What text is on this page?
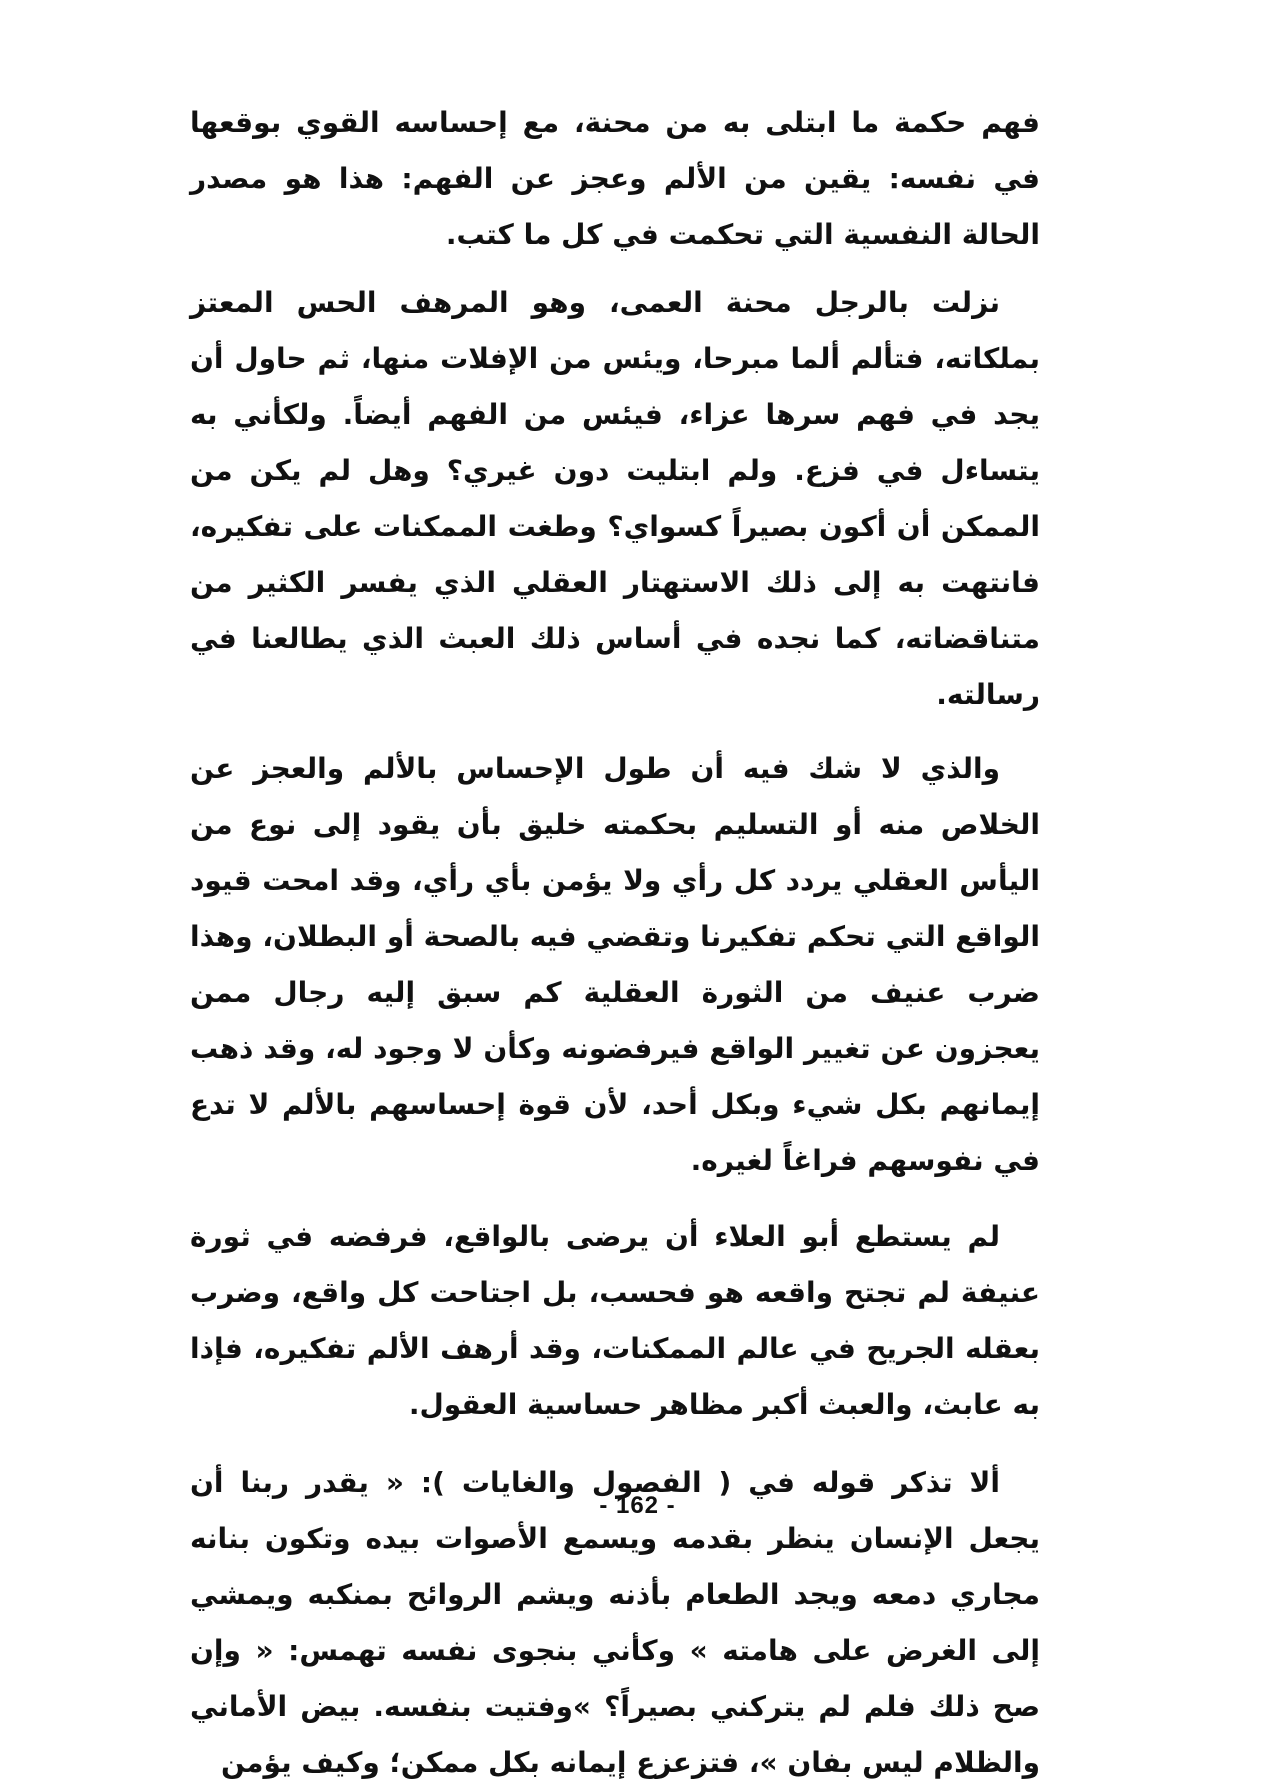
فهم حكمة ما ابتلى به من محنة، مع إحساسه القوي بوقعها في نفسه: يقين من الألم وعجز عن الفهم: هذا هو مصدر الحالة النفسية التي تحكمت في كل ما كتب.

نزلت بالرجل محنة العمى، وهو المرهف الحس المعتز بملكاته، فتألم ألما مبرحا، ويئس من الإفلات منها، ثم حاول أن يجد في فهم سرها عزاء، فيئس من الفهم أيضاً. ولكأني به يتساءل في فزع. ولم ابتليت دون غيري؟ وهل لم يكن من الممكن أن أكون بصيراً كسواي؟ وطغت الممكنات على تفكيره، فانتهت به إلى ذلك الاستهتار العقلي الذي يفسر الكثير من متناقضاته، كما نجده في أساس ذلك العبث الذي يطالعنا في رسالته.

والذي لا شك فيه أن طول الإحساس بالألم والعجز عن الخلاص منه أو التسليم بحكمته خليق بأن يقود إلى نوع من اليأس العقلي يردد كل رأي ولا يؤمن بأي رأي، وقد امحت قيود الواقع التي تحكم تفكيرنا وتقضي فيه بالصحة أو البطلان، وهذا ضرب عنيف من الثورة العقلية كم سبق إليه رجال ممن يعجزون عن تغيير الواقع فيرفضونه وكأن لا وجود له، وقد ذهب إيمانهم بكل شيء وبكل أحد، لأن قوة إحساسهم بالألم لا تدع في نفوسهم فراغاً لغيره.

لم يستطع أبو العلاء أن يرضى بالواقع، فرفضه في ثورة عنيفة لم تجتح واقعه هو فحسب، بل اجتاحت كل واقع، وضرب بعقله الجريح في عالم الممكنات، وقد أرهف الألم تفكيره، فإذا به عابث، والعبث أكبر مظاهر حساسية العقول.

ألا تذكر قوله في ( الفصول والغايات ): « يقدر ربنا أن يجعل الإنسان ينظر بقدمه ويسمع الأصوات بيده وتكون بنانه مجاري دمعه ويجد الطعام بأذنه ويشم الروائح بمنكبه ويمشي إلى الغرض على هامته » وكأني بنجوى نفسه تهمس: « وإن صح ذلك فلم لم يتركني بصيراً؟ »وفتيت بنفسه. بيض الأماني والظلام ليس بفان »، فتزعزع إيمانه بكل ممكن؛ وكيف يؤمن

- 162 -
